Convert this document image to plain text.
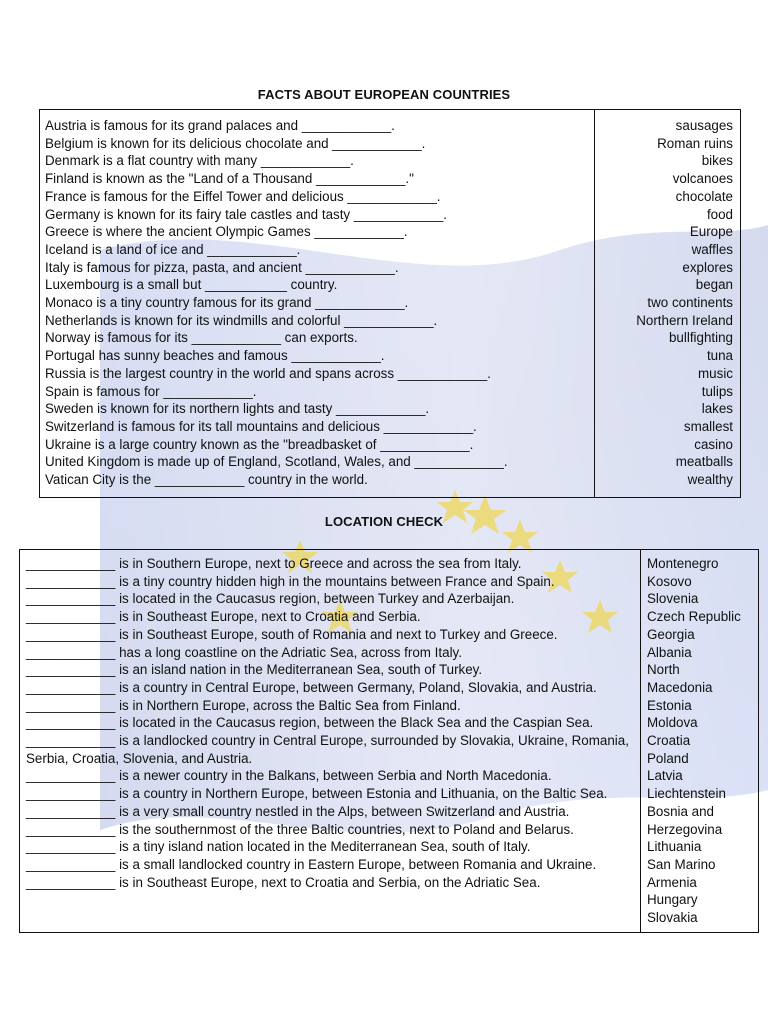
FACTS ABOUT EUROPEAN COUNTRIES
Austria is famous for its grand palaces and ____________.
Belgium is known for its delicious chocolate and ____________.
Denmark is a flat country with many ____________.
Finland is known as the "Land of a Thousand ____________."
France is famous for the Eiffel Tower and delicious ____________.
Germany is known for its fairy tale castles and tasty ____________.
Greece is where the ancient Olympic Games ____________.
Iceland is a land of ice and ____________.
Italy is famous for pizza, pasta, and ancient ____________.
Luxembourg is a small but ___________ country.
Monaco is a tiny country famous for its grand ____________.
Netherlands is known for its windmills and colorful ____________.
Norway is famous for its ____________ can exports.
Portugal has sunny beaches and famous ____________.
Russia is the largest country in the world and spans across ____________.
Spain is famous for ____________.
Sweden is known for its northern lights and tasty ____________.
Switzerland is famous for its tall mountains and delicious ____________.
Ukraine is a large country known as the "breadbasket of ____________.
United Kingdom is made up of England, Scotland, Wales, and ____________.
Vatican City is the ____________ country in the world.

sausages
Roman ruins
bikes
volcanoes
chocolate
food
Europe
waffles
explores
began
two continents
Northern Ireland
bullfighting
tuna
music
tulips
lakes
smallest
casino
meatballs
wealthy
LOCATION CHECK
____________ is in Southern Europe, next to Greece and across the sea from Italy.
____________ is a tiny country hidden high in the mountains between France and Spain.
____________ is located in the Caucasus region, between Turkey and Azerbaijan.
____________ is in Southeast Europe, next to Croatia and Serbia.
____________ is in Southeast Europe, south of Romania and next to Turkey and Greece.
____________ has a long coastline on the Adriatic Sea, across from Italy.
____________ is an island nation in the Mediterranean Sea, south of Turkey.
____________ is a country in Central Europe, between Germany, Poland, Slovakia, and Austria.
____________ is in Northern Europe, across the Baltic Sea from Finland.
____________ is located in the Caucasus region, between the Black Sea and the Caspian Sea.
____________ is a landlocked country in Central Europe, surrounded by Slovakia, Ukraine, Romania, Serbia, Croatia, Slovenia, and Austria.
____________ is a newer country in the Balkans, between Serbia and North Macedonia.
____________ is a country in Northern Europe, between Estonia and Lithuania, on the Baltic Sea.
____________ is a very small country nestled in the Alps, between Switzerland and Austria.
____________ is the southernmost of the three Baltic countries, next to Poland and Belarus.
____________ is a tiny island nation located in the Mediterranean Sea, south of Italy.
____________ is a small landlocked country in Eastern Europe, between Romania and Ukraine.
____________ is in Southeast Europe, next to Croatia and Serbia, on the Adriatic Sea.

Montenegro
Kosovo
Slovenia
Czech Republic
Georgia
Albania
North
Macedonia
Estonia
Moldova
Croatia
Poland
Latvia
Liechtenstein
Bosnia and
Herzegovina
Lithuania
San Marino
Armenia
Hungary
Slovakia
